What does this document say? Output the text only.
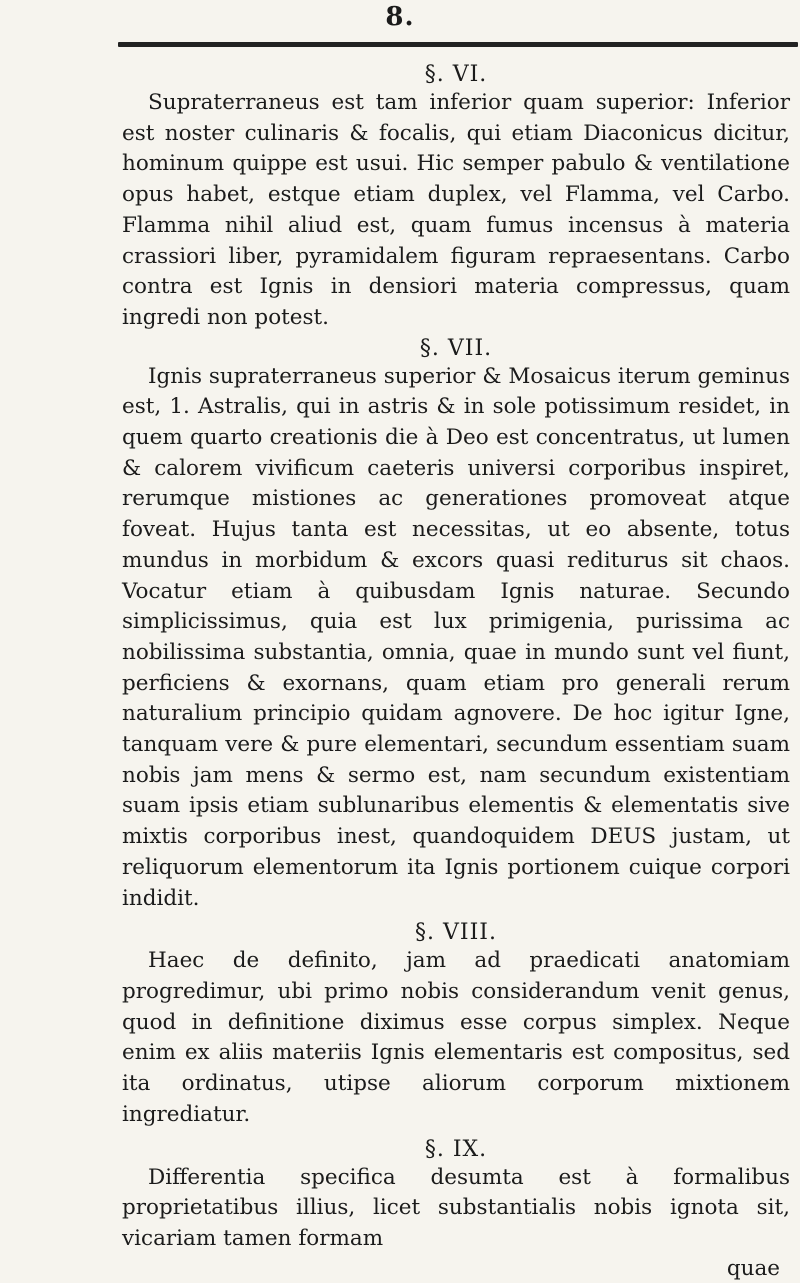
8.

§. VI.

Supraterraneus est tam inferior quam superior: Inferior est noster culinaris & focalis, qui etiam Diaconicus dicitur, hominum quippe est usui. Hic semper pabulo & ventilatione opus habet, estque etiam duplex, vel Flamma, vel Carbo. Flamma nihil aliud est, quam fumus incensus à materia crassiori liber, pyramidalem figuram repraesentans. Carbo contra est Ignis in densiori materia compressus, quam ingredi non potest.

§. VII.

Ignis supraterraneus superior & Mosaicus iterum geminus est, 1. Astralis, qui in astris & in sole potissimum residet, in quem quarto creationis die à Deo est concentratus, ut lumen & calorem vivificum caeteris universi corporibus inspiret, rerumque mistiones ac generationes promoveat atque foveat. Hujus tanta est necessitas, ut eo absente, totus mundus in morbidum & excors quasi rediturus sit chaos. Vocatur etiam à quibusdam Ignis naturae. Secundo simplicissimus, quia est lux primigenia, purissima ac nobilissima substantia, omnia, quae in mundo sunt vel fiunt, perficiens & exornans, quam etiam pro generali rerum naturalium principio quidam agnovere. De hoc igitur Igne, tanquam vere & pure elementari, secundum essentiam suam nobis jam mens & sermo est, nam secundum existentiam suam ipsis etiam sublunaribus elementis & elementatis sive mixtis corporibus inest, quandoquidem DEUS justam, ut reliquorum elementorum ita Ignis portionem cuique corpori indidit.

§. VIII.

Haec de definito, jam ad praedicati anatomiam progredimur, ubi primo nobis considerandum venit genus, quod in definitione diximus esse corpus simplex. Neque enim ex aliis materiis Ignis elementaris est compositus, sed ita ordinatus, utipse aliorum corporum mixtionem ingrediatur.

§. IX.

Differentia specifica desumta est à formalibus proprietatibus illius, licet substantialis nobis ignota sit, vicariam tamen formam

quae
